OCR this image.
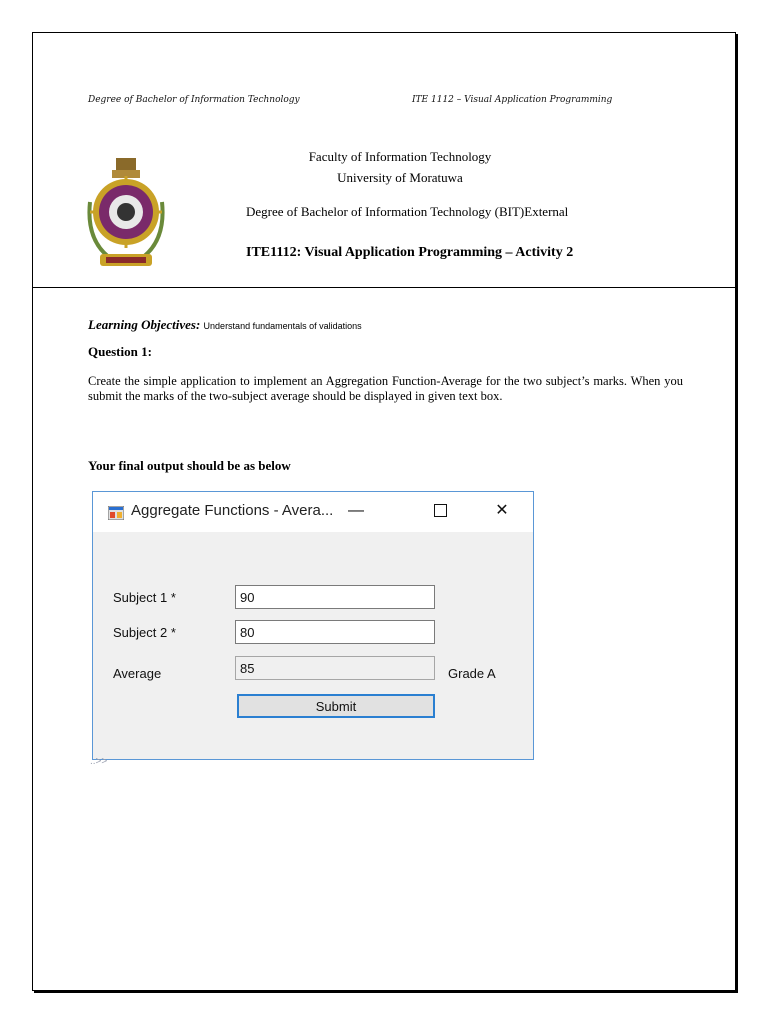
Degree of Bachelor of Information Technology	ITE 1112 – Visual Application Programming
Faculty of Information Technology
University of Moratuwa
Degree of Bachelor of Information Technology (BIT)External
ITE1112: Visual Application Programming – Activity 2
Learning Objectives: Understand fundamentals of validations
Question 1:
Create the simple application to implement an Aggregation Function-Average for the two subject’s marks. When you submit the marks of the two-subject average should be displayed in given text box.
Your final output should be as below
Aggregate Functions - Avera... —	✕
Subject 1 *
90
Subject 2 *
80
Average
85	Grade A
Submit
..>>
